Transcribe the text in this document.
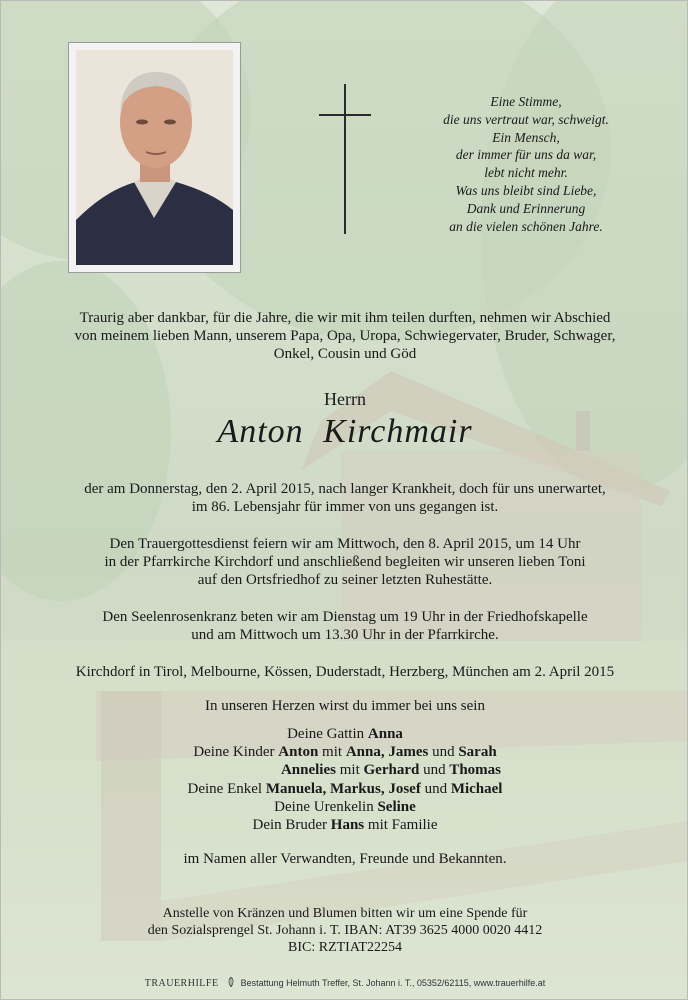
Eine Stimme,
die uns vertraut war, schweigt.
Ein Mensch,
der immer für uns da war,
lebt nicht mehr.
Was uns bleibt sind Liebe,
Dank und Erinnerung
an die vielen schönen Jahre.
Traurig aber dankbar, für die Jahre, die wir mit ihm teilen durften, nehmen wir Abschied
von meinem lieben Mann, unserem Papa, Opa, Uropa, Schwiegervater, Bruder, Schwager,
Onkel, Cousin und Göd
Herrn
Anton Kirchmair
der am Donnerstag, den 2. April 2015, nach langer Krankheit, doch für uns unerwartet,
im 86. Lebensjahr für immer von uns gegangen ist.
Den Trauergottesdienst feiern wir am Mittwoch, den 8. April 2015, um 14 Uhr
in der Pfarrkirche Kirchdorf und anschließend begleiten wir unseren lieben Toni
auf den Ortsfriedhof zu seiner letzten Ruhestätte.
Den Seelenrosenkranz beten wir am Dienstag um 19 Uhr in der Friedhofskapelle
und am Mittwoch um 13.30 Uhr in der Pfarrkirche.
Kirchdorf in Tirol, Melbourne, Kössen, Duderstadt, Herzberg, München am 2. April 2015
In unseren Herzen wirst du immer bei uns sein
Deine Gattin Anna
Deine Kinder Anton mit Anna, James und Sarah
Annelies mit Gerhard und Thomas
Deine Enkel Manuela, Markus, Josef und Michael
Deine Urenkelin Seline
Dein Bruder Hans mit Familie
im Namen aller Verwandten, Freunde und Bekannten.
Anstelle von Kränzen und Blumen bitten wir um eine Spende für
den Sozialsprengel St. Johann i. T. IBAN: AT39 3625 4000 0020 4412
BIC: RZTIAT22254
TRAUERHILFE Bestattung Helmuth Treffer, St. Johann i. T., 05352/62115, www.trauerhilfe.at
